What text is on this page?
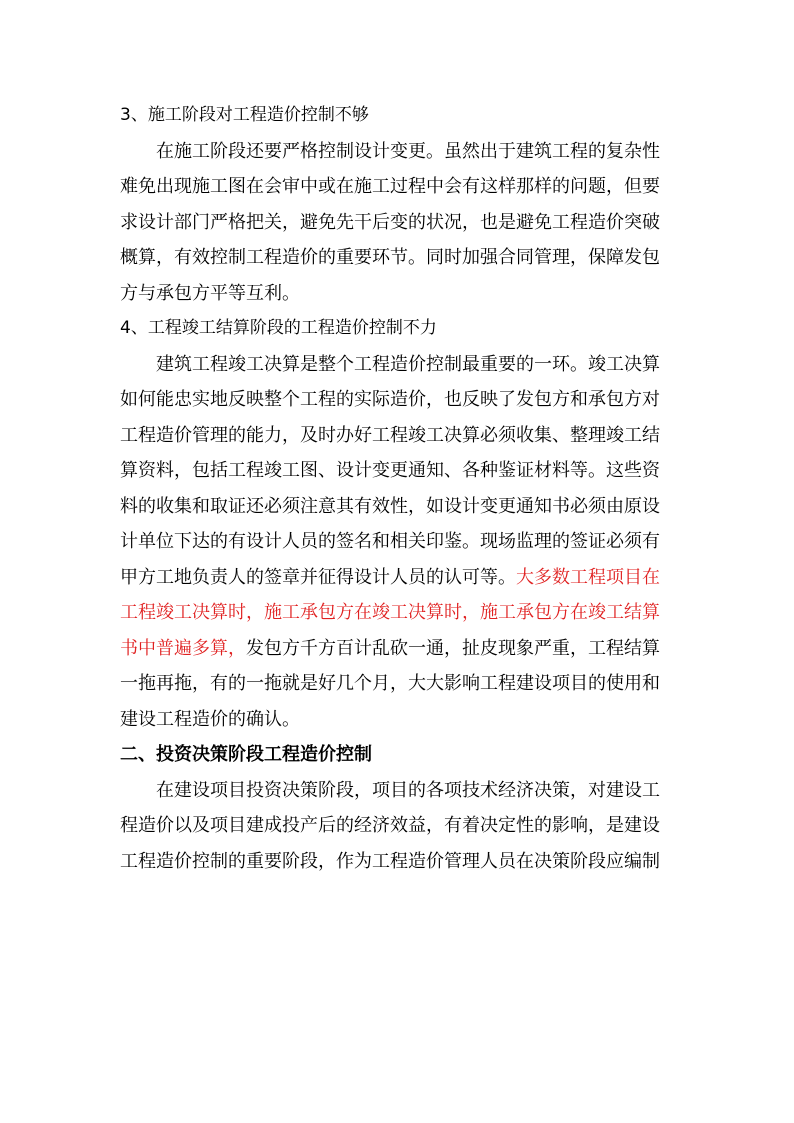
3、施工阶段对工程造价控制不够
在施工阶段还要严格控制设计变更。虽然出于建筑工程的复杂性
难免出现施工图在会审中或在施工过程中会有这样那样的问题，但要
求设计部门严格把关，避免先干后变的状况，也是避免工程造价突破
概算，有效控制工程造价的重要环节。同时加强合同管理，保障发包
方与承包方平等互利。
4、工程竣工结算阶段的工程造价控制不力
建筑工程竣工决算是整个工程造价控制最重要的一环。竣工决算
如何能忠实地反映整个工程的实际造价，也反映了发包方和承包方对
工程造价管理的能力，及时办好工程竣工决算必须收集、整理竣工结
算资料，包括工程竣工图、设计变更通知、各种鉴证材料等。这些资
料的收集和取证还必须注意其有效性，如设计变更通知书必须由原设
计单位下达的有设计人员的签名和相关印鉴。现场监理的签证必须有
甲方工地负责人的签章并征得设计人员的认可等。大多数工程项目在
工程竣工决算时，施工承包方在竣工决算时，施工承包方在竣工结算
书中普遍多算，发包方千方百计乱砍一通，扯皮现象严重，工程结算
一拖再拖，有的一拖就是好几个月，大大影响工程建设项目的使用和
建设工程造价的确认。
二、投资决策阶段工程造价控制
在建设项目投资决策阶段，项目的各项技术经济决策，对建设工
程造价以及项目建成投产后的经济效益，有着决定性的影响，是建设
工程造价控制的重要阶段，作为工程造价管理人员在决策阶段应编制
